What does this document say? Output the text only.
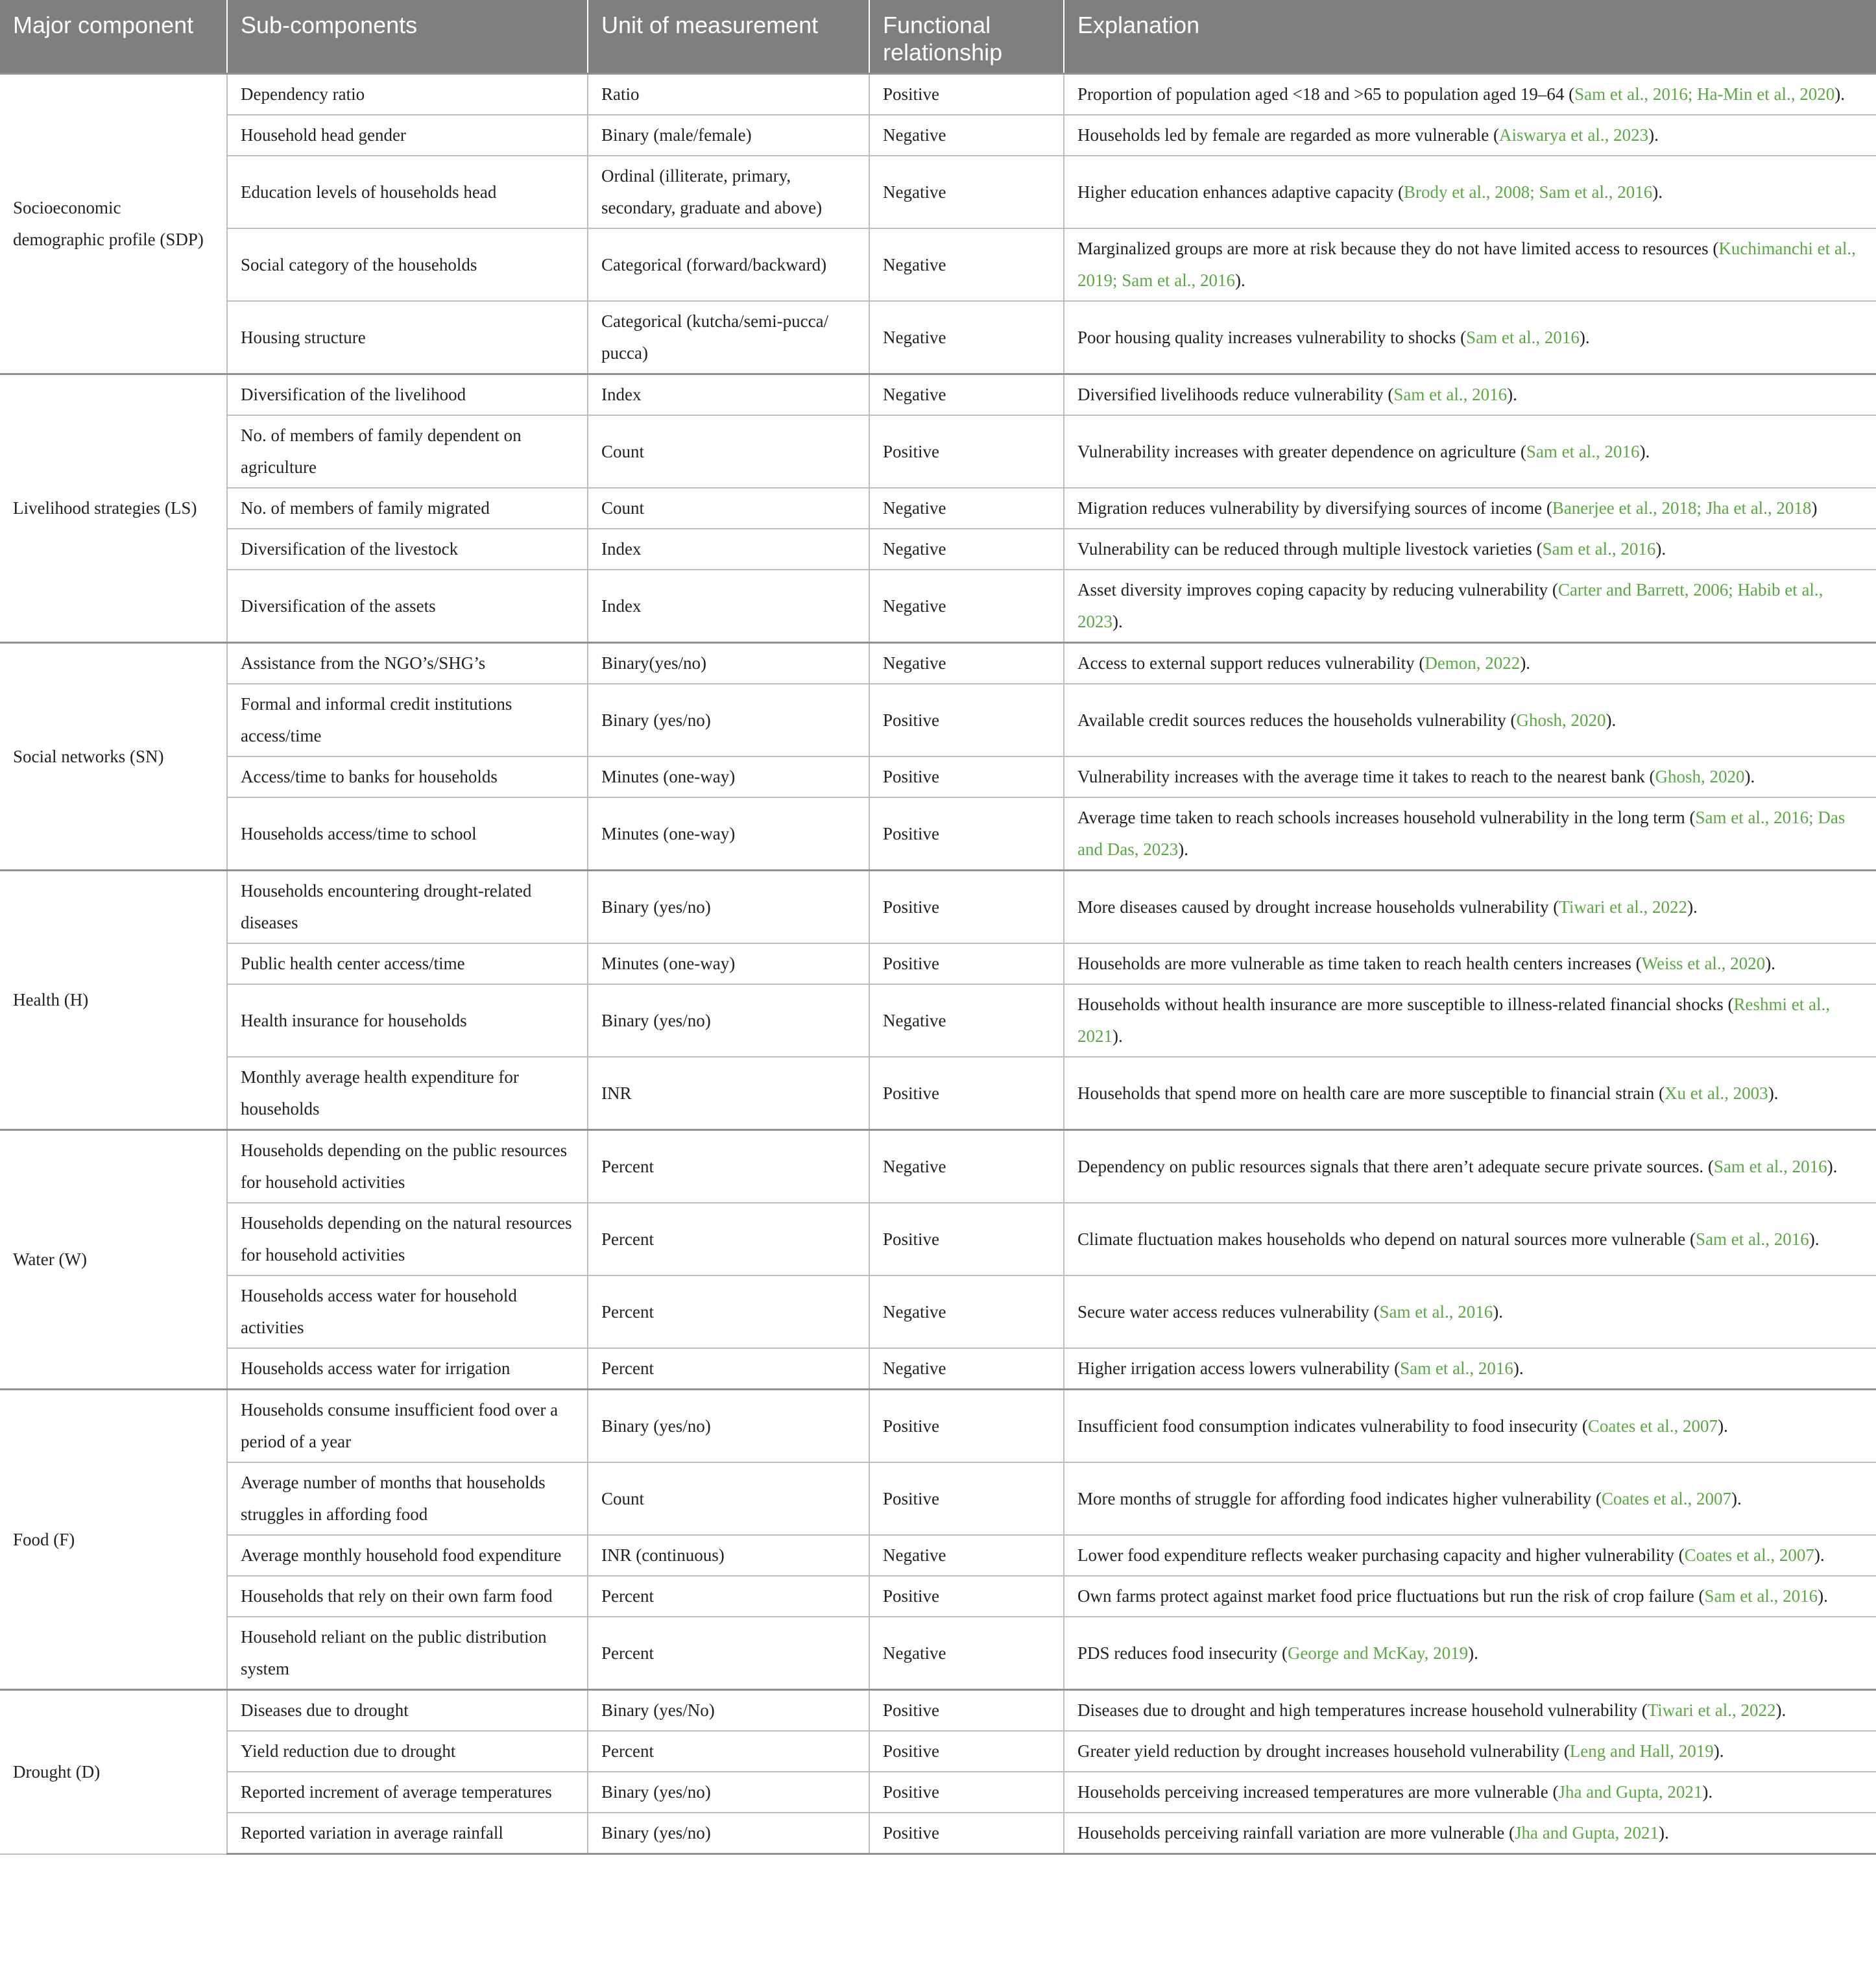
Major component	Sub-components	Unit of measurement	Functional relationship	Explanation
Socioeconomic demographic profile (SDP)	Dependency ratio	Ratio	Positive	Proportion of population aged <18 and >65 to population aged 19–64 (Sam et al., 2016; Ha-Min et al., 2020).
	Household head gender	Binary (male/female)	Negative	Households led by female are regarded as more vulnerable (Aiswarya et al., 2023).
	Education levels of households head	Ordinal (illiterate, primary, secondary, graduate and above)	Negative	Higher education enhances adaptive capacity (Brody et al., 2008; Sam et al., 2016).
	Social category of the households	Categorical (forward/backward)	Negative	Marginalized groups are more at risk because they do not have limited access to resources (Kuchimanchi et al., 2019; Sam et al., 2016).
	Housing structure	Categorical (kutcha/semi-pucca/ pucca)	Negative	Poor housing quality increases vulnerability to shocks (Sam et al., 2016).
Livelihood strategies (LS)	Diversification of the livelihood	Index	Negative	Diversified livelihoods reduce vulnerability (Sam et al., 2016).
	No. of members of family dependent on agriculture	Count	Positive	Vulnerability increases with greater dependence on agriculture (Sam et al., 2016).
	No. of members of family migrated	Count	Negative	Migration reduces vulnerability by diversifying sources of income (Banerjee et al., 2018; Jha et al., 2018)
	Diversification of the livestock	Index	Negative	Vulnerability can be reduced through multiple livestock varieties (Sam et al., 2016).
	Diversification of the assets	Index	Negative	Asset diversity improves coping capacity by reducing vulnerability (Carter and Barrett, 2006; Habib et al., 2023).
Social networks (SN)	Assistance from the NGO’s/SHG’s	Binary(yes/no)	Negative	Access to external support reduces vulnerability (Demon, 2022).
	Formal and informal credit institutions access/time	Binary (yes/no)	Positive	Available credit sources reduces the households vulnerability (Ghosh, 2020).
	Access/time to banks for households	Minutes (one-way)	Positive	Vulnerability increases with the average time it takes to reach to the nearest bank (Ghosh, 2020).
	Households access/time to school	Minutes (one-way)	Positive	Average time taken to reach schools increases household vulnerability in the long term (Sam et al., 2016; Das and Das, 2023).
Health (H)	Households encountering drought-related diseases	Binary (yes/no)	Positive	More diseases caused by drought increase households vulnerability (Tiwari et al., 2022).
	Public health center access/time	Minutes (one-way)	Positive	Households are more vulnerable as time taken to reach health centers increases (Weiss et al., 2020).
	Health insurance for households	Binary (yes/no)	Negative	Households without health insurance are more susceptible to illness-related financial shocks (Reshmi et al., 2021).
	Monthly average health expenditure for households	INR	Positive	Households that spend more on health care are more susceptible to financial strain (Xu et al., 2003).
Water (W)	Households depending on the public resources for household activities	Percent	Negative	Dependency on public resources signals that there aren’t adequate secure private sources. (Sam et al., 2016).
	Households depending on the natural resources for household activities	Percent	Positive	Climate fluctuation makes households who depend on natural sources more vulnerable (Sam et al., 2016).
	Households access water for household activities	Percent	Negative	Secure water access reduces vulnerability (Sam et al., 2016).
	Households access water for irrigation	Percent	Negative	Higher irrigation access lowers vulnerability (Sam et al., 2016).
Food (F)	Households consume insufficient food over a period of a year	Binary (yes/no)	Positive	Insufficient food consumption indicates vulnerability to food insecurity (Coates et al., 2007).
	Average number of months that households struggles in affording food	Count	Positive	More months of struggle for affording food indicates higher vulnerability (Coates et al., 2007).
	Average monthly household food expenditure	INR (continuous)	Negative	Lower food expenditure reflects weaker purchasing capacity and higher vulnerability (Coates et al., 2007).
	Households that rely on their own farm food	Percent	Positive	Own farms protect against market food price fluctuations but run the risk of crop failure (Sam et al., 2016).
	Household reliant on the public distribution system	Percent	Negative	PDS reduces food insecurity (George and McKay, 2019).
Drought (D)	Diseases due to drought	Binary (yes/No)	Positive	Diseases due to drought and high temperatures increase household vulnerability (Tiwari et al., 2022).
	Yield reduction due to drought	Percent	Positive	Greater yield reduction by drought increases household vulnerability (Leng and Hall, 2019).
	Reported increment of average temperatures	Binary (yes/no)	Positive	Households perceiving increased temperatures are more vulnerable (Jha and Gupta, 2021).
	Reported variation in average rainfall	Binary (yes/no)	Positive	Households perceiving rainfall variation are more vulnerable (Jha and Gupta, 2021).
